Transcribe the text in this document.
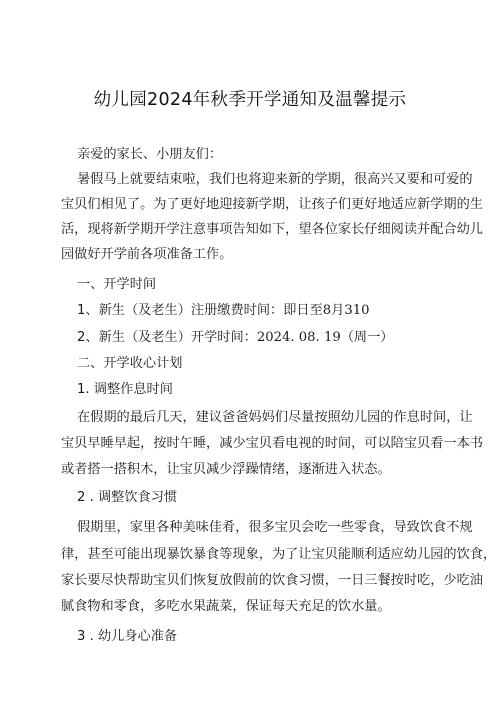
幼儿园2024年秋季开学通知及温馨提示
亲爱的家长、小朋友们：
暑假马上就要结束啦，我们也将迎来新的学期，很高兴又要和可爱的
宝贝们相见了。为了更好地迎接新学期，让孩子们更好地适应新学期的生
活，现将新学期开学注意事项告知如下，望各位家长仔细阅读并配合幼儿
园做好开学前各项准备工作。
一、开学时间
1、新生（及老生）注册缴费时间：即日至8月310
2、新生（及老生）开学时间：2024. 08. 19（周一）
二、开学收心计划
1. 调整作息时间
在假期的最后几天，建议爸爸妈妈们尽量按照幼儿园的作息时间，让
宝贝早睡早起，按时午睡，减少宝贝看电视的时间，可以陪宝贝看一本书
或者搭一搭积木，让宝贝减少浮躁情绪，逐渐进入状态。
2 . 调整饮食习惯
假期里，家里各种美味佳肴，很多宝贝会吃一些零食，导致饮食不规
律，甚至可能出现暴饮暴食等现象，为了让宝贝能顺利适应幼儿园的饮食，
家长要尽快帮助宝贝们恢复放假前的饮食习惯，一日三餐按时吃，少吃油
腻食物和零食，多吃水果蔬菜，保证每天充足的饮水量。
3 . 幼儿身心准备
